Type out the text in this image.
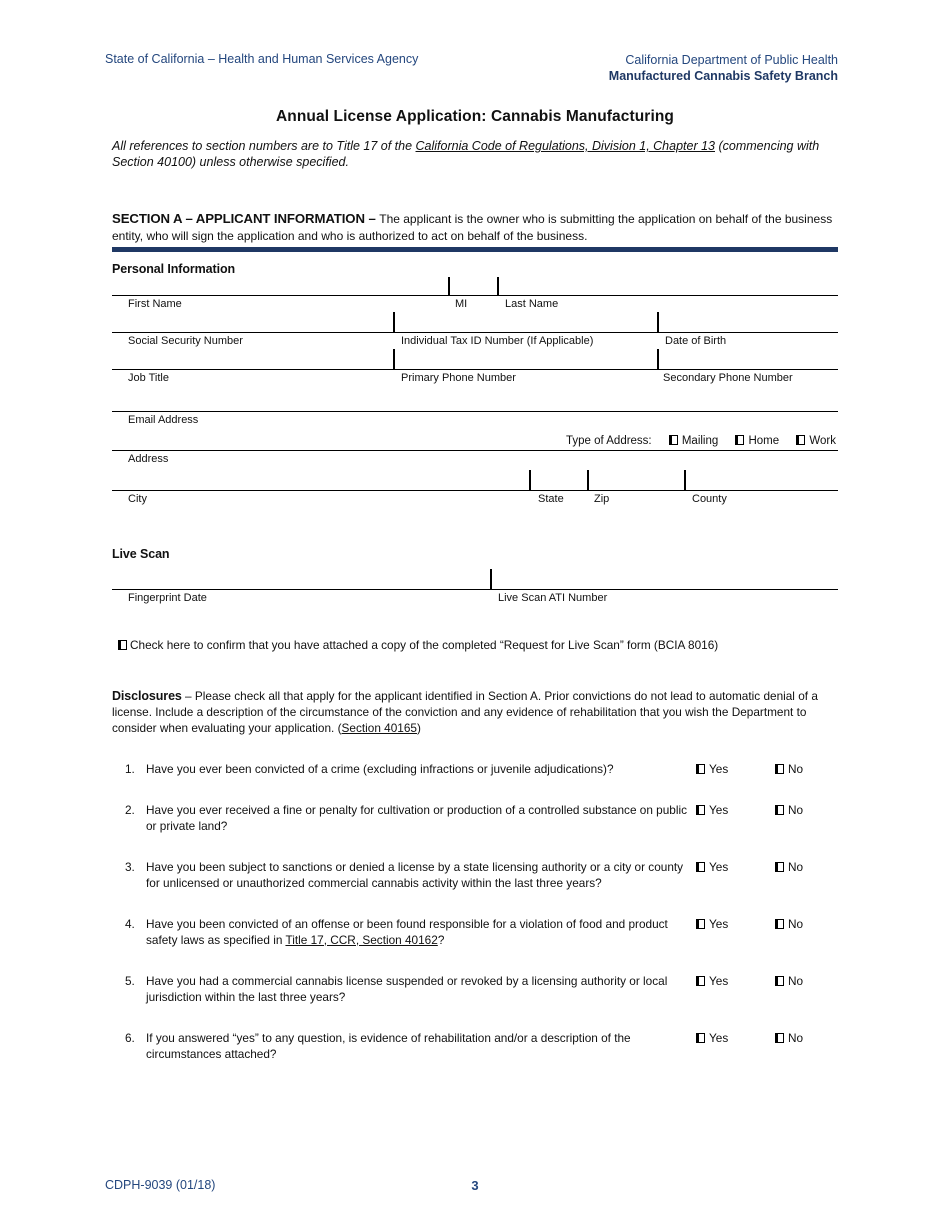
State of California – Health and Human Services Agency	California Department of Public Health
Manufactured Cannabis Safety Branch
Annual License Application: Cannabis Manufacturing

All references to section numbers are to Title 17 of the California Code of Regulations, Division 1, Chapter 13 (commencing with Section 40100) unless otherwise specified.

SECTION A – APPLICANT INFORMATION – The applicant is the owner who is submitting the application on behalf of the business entity, who will sign the application and who is authorized to act on behalf of the business.

Personal Information
First Name	MI	Last Name
Social Security Number	Individual Tax ID Number (If Applicable)	Date of Birth
Job Title	Primary Phone Number	Secondary Phone Number
Email Address
Type of Address:	Mailing	Home	Work
Address
City	State	Zip	County
Live Scan
Fingerprint Date	Live Scan ATI Number

Check here to confirm that you have attached a copy of the completed “Request for Live Scan” form (BCIA 8016)

Disclosures – Please check all that apply for the applicant identified in Section A. Prior convictions do not lead to automatic denial of a license. Include a description of the circumstance of the conviction and any evidence of rehabilitation that you wish the Department to consider when evaluating your application. (Section 40165)

1. Have you ever been convicted of a crime (excluding infractions or juvenile adjudications)?	Yes	No
2. Have you ever received a fine or penalty for cultivation or production of a controlled substance on public or private land?
Yes	No
3. Have you been subject to sanctions or denied a license by a state licensing authority or a city or county for unlicensed or unauthorized commercial cannabis activity within the last three years?
Yes	No
4. Have you been convicted of an offense or been found responsible for a violation of food and product safety laws as specified in Title 17, CCR, Section 40162?
Yes	No
5. Have you had a commercial cannabis license suspended or revoked by a licensing authority or local jurisdiction within the last three years?
Yes	No
6. If you answered “yes” to any question, is evidence of rehabilitation and/or a description of the circumstances attached?
Yes	No
CDPH-9039 (01/18)	3
